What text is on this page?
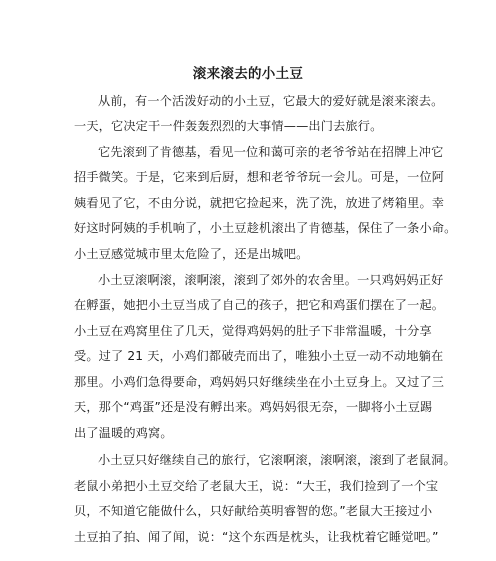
滚来滚去的小土豆

从前，有一个活泼好动的小土豆，它最大的爱好就是滚来滚去。

一天，它决定干一件轰轰烈烈的大事情——出门去旅行。

它先滚到了肯德基，看见一位和蔼可亲的老爷爷站在招牌上冲它

招手微笑。于是，它来到后厨，想和老爷爷玩一会儿。可是，一位阿

姨看见了它，不由分说，就把它捡起来，洗了洗，放进了烤箱里。幸

好这时阿姨的手机响了，小土豆趁机滚出了肯德基，保住了一条小命。

小土豆感觉城市里太危险了，还是出城吧。

小土豆滚啊滚，滚啊滚，滚到了郊外的农舍里。一只鸡妈妈正好

在孵蛋，她把小土豆当成了自己的孩子，把它和鸡蛋们摆在了一起。

小土豆在鸡窝里住了几天，觉得鸡妈妈的肚子下非常温暖，十分享

受。过了 21 天，小鸡们都破壳而出了，唯独小土豆一动不动地躺在

那里。小鸡们急得要命，鸡妈妈只好继续坐在小土豆身上。又过了三

天，那个“鸡蛋”还是没有孵出来。鸡妈妈很无奈，一脚将小土豆踢

出了温暖的鸡窝。

小土豆只好继续自己的旅行，它滚啊滚，滚啊滚，滚到了老鼠洞。

老鼠小弟把小土豆交给了老鼠大王，说：“大王，我们捡到了一个宝

贝，不知道它能做什么，只好献给英明睿智的您。”老鼠大王接过小

土豆拍了拍、闻了闻，说：“这个东西是枕头，让我枕着它睡觉吧。”
